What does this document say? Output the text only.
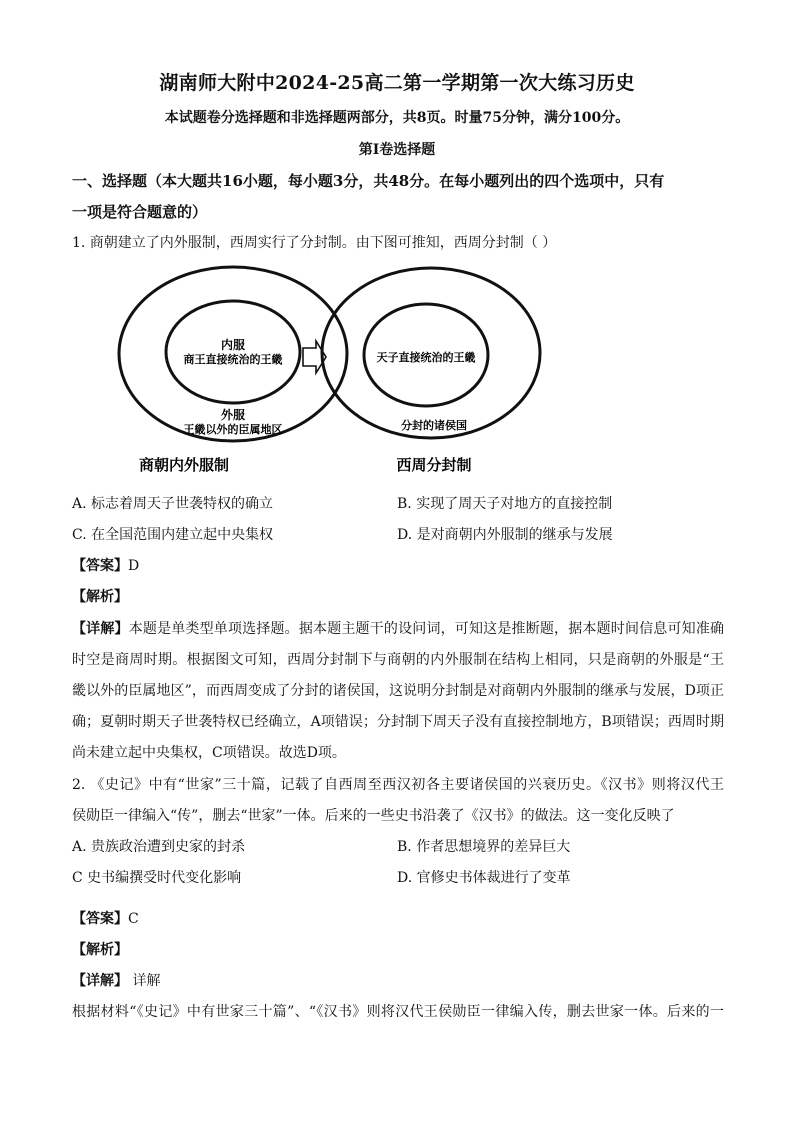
湖南师大附中2024-25高二第一学期第一次大练习历史
本试题卷分选择题和非选择题两部分，共8页。时量75分钟，满分100分。
第Ⅰ卷选择题
一、选择题（本大题共16小题，每小题3分，共48分。在每小题列出的四个选项中，只有
一项是符合题意的）
1. 商朝建立了内外服制，西周实行了分封制。由下图可推知，西周分封制（ ）
内服
商王直接统治的王畿
外服
王畿以外的臣属地区
商朝内外服制
天子直接统治的王畿
分封的诸侯国
西周分封制
A. 标志着周天子世袭特权的确立	B. 实现了周天子对地方的直接控制
C. 在全国范围内建立起中央集权	D. 是对商朝内外服制的继承与发展
【答案】D
【解析】
【详解】本题是单类型单项选择题。据本题主题干的设问词，可知这是推断题，据本题时间信息可知准确
时空是商周时期。根据图文可知，西周分封制下与商朝的内外服制在结构上相同，只是商朝的外服是“王
畿以外的臣属地区”，而西周变成了分封的诸侯国，这说明分封制是对商朝内外服制的继承与发展，D项正
确；夏朝时期天子世袭特权已经确立，A项错误；分封制下周天子没有直接控制地方，B项错误；西周时期
尚未建立起中央集权，C项错误。故选D项。
2. 《史记》中有“世家”三十篇，记载了自西周至西汉初各主要诸侯国的兴衰历史。《汉书》则将汉代王
侯勋臣一律编入“传”，删去“世家”一体。后来的一些史书沿袭了《汉书》的做法。这一变化反映了
A. 贵族政治遭到史家的封杀	B. 作者思想境界的差异巨大
C 史书编撰受时代变化影响	D. 官修史书体裁进行了变革
【答案】C
【解析】
【详解】 详解
根据材料“《史记》中有世家三十篇”、“《汉书》则将汉代王侯勋臣一律编入传，删去世家一体。后来的一
